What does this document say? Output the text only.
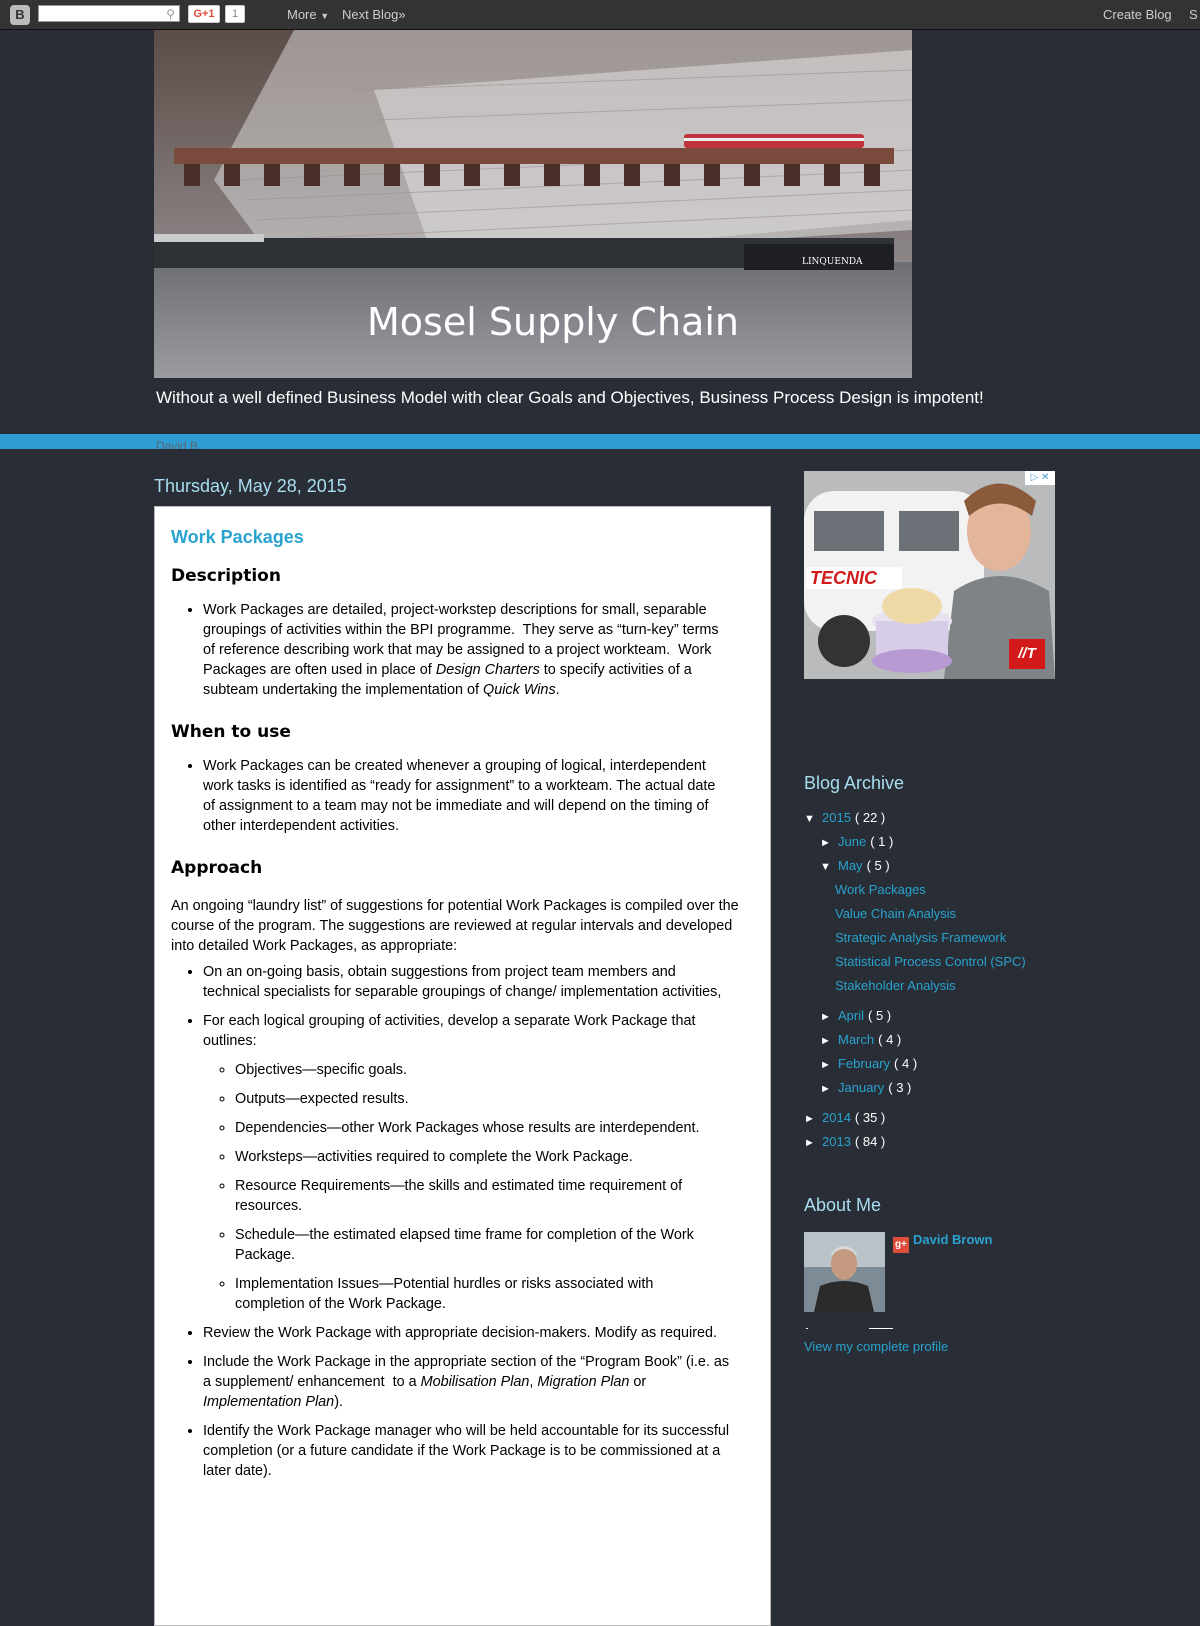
B	⚲	G+1	1	More ▼ Next Blog»	Create Blog S
LINQUENDA
Mosel Supply Chain
Without a well defined Business Model with clear Goals and Objectives, Business Process Design is impotent!
David B...
Thursday, May 28, 2015
Work Packages
Description
• Work Packages are detailed, project-workstep descriptions for small, separable groupings of activities within the BPI programme.  They serve as “turn-key” terms of reference describing work that may be assigned to a project workteam.  Work Packages are often used in place of Design Charters to specify activities of a subteam undertaking the implementation of Quick Wins.
When to use
• Work Packages can be created whenever a grouping of logical, interdependent work tasks is identified as “ready for assignment” to a workteam. The actual date of assignment to a team may not be immediate and will depend on the timing of other interdependent activities.
Approach

An ongoing “laundry list” of suggestions for potential Work Packages is compiled over the course of the program. The suggestions are reviewed at regular intervals and developed into detailed Work Packages, as appropriate:

• On an on-going basis, obtain suggestions from project team members and technical specialists for separable groupings of change/ implementation activities,
• For each logical grouping of activities, develop a separate Work Package that outlines:
◦ Objectives—specific goals.
◦ Outputs—expected results.
◦ Dependencies—other Work Packages whose results are interdependent.
◦ Worksteps—activities required to complete the Work Package.
◦ Resource Requirements—the skills and estimated time requirement of resources.
◦ Schedule—the estimated elapsed time frame for completion of the Work Package.
◦ Implementation Issues—Potential hurdles or risks associated with completion of the Work Package.
• Review the Work Package with appropriate decision-makers. Modify as required.
• Include the Work Package in the appropriate section of the “Program Book” (i.e. as a supplement/ enhancement  to a Mobilisation Plan, Migration Plan or Implementation Plan).
• Identify the Work Package manager who will be held accountable for its successful completion (or a future candidate if the Work Package is to be commissioned at a later date).
▷ ✕
TECNIC
//T
Blog Archive
▼ 2015 ( 22 )
► June ( 1 )
▼ May ( 5 )
Work Packages
Value Chain Analysis
Strategic Analysis Framework
Statistical Process Control (SPC)
Stakeholder Analysis
► April ( 5 )
► March ( 4 )
► February ( 4 )
► January ( 3 )
► 2014 ( 35 )
► 2013 ( 84 )
About Me
g+ David Brown
View my complete profile
